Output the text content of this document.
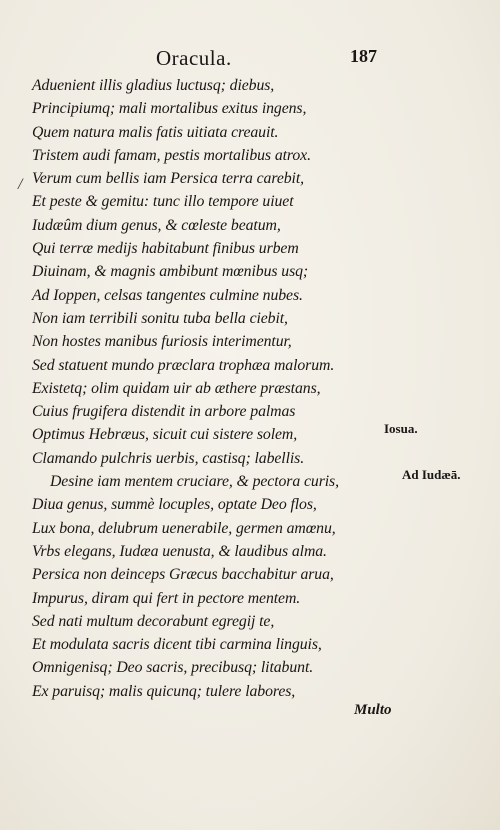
Oracula.	187
/
Aduenient illis gladius luctusq; diebus,
Principiumq; mali mortalibus exitus ingens,
Quem natura malis fatis uitiata creauit.
Tristem audi famam, pestis mortalibus atrox.
Verum cum bellis iam Persica terra carebit,
Et peste & gemitu: tunc illo tempore uiuet
Iudæûm dium genus, & cœleste beatum,
Qui terræ medijs habitabunt finibus urbem
Diuinam, & magnis ambibunt mœnibus usq;
Ad Ioppen, celsas tangentes culmine nubes.
Non iam terribili sonitu tuba bella ciebit,
Non hostes manibus furiosis interimentur,
Sed statuent mundo præclara trophæa malorum.
Existetq; olim quidam uir ab æthere præstans,
Cuius frugifera distendit in arbore palmas
Optimus Hebræus, sicuit cui sistere solem,
Clamando pulchris uerbis, castisq; labellis.
Desine iam mentem cruciare, & pectora curis,
Diua genus, summè locuples, optate Deo flos,
Lux bona, delubrum uenerabile, germen amœnu,
Vrbs elegans, Iudæa uenusta, & laudibus alma.
Persica non deinceps Græcus bacchabitur arua,
Impurus, diram qui fert in pectore mentem.
Sed nati multum decorabunt egregij te,
Et modulata sacris dicent tibi carmina linguis,
Omnigenisq; Deo sacris, precibusq; litabunt.
Ex paruisq; malis quicunq; tulere labores,
Iosua.
Ad Iudæā.
Multo
